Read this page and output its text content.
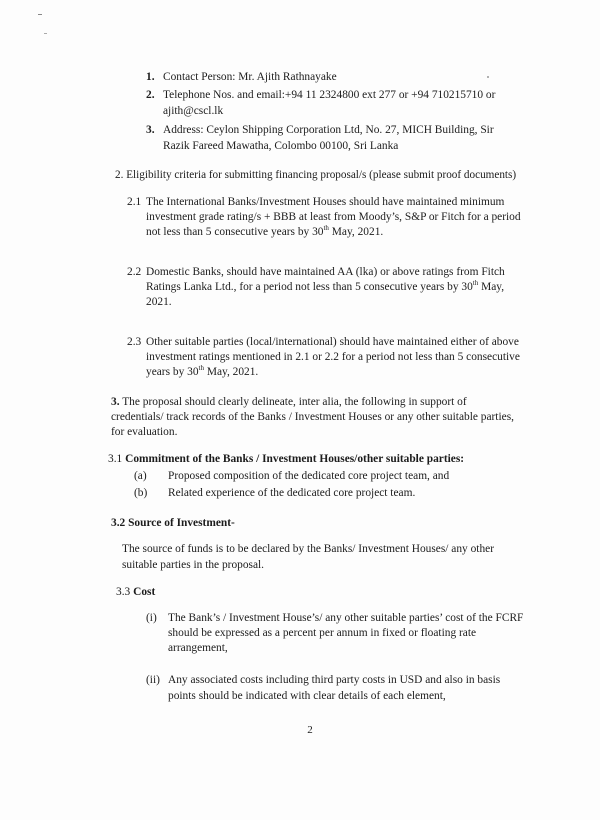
1. Contact Person: Mr. Ajith Rathnayake
2. Telephone Nos. and email:+94 11 2324800 ext 277 or +94 710215710 or

ajith@cscl.lk

3. Address: Ceylon Shipping Corporation Ltd, No. 27, MICH Building, Sir

Razik Fareed Mawatha, Colombo 00100, Sri Lanka

2. Eligibility criteria for submitting financing proposal/s (please submit proof documents)
2.1 The International Banks/Investment Houses should have maintained minimum

investment grade rating/s + BBB at least from Moody’s, S&P or Fitch for a period

not less than 5 consecutive years by 30th May, 2021.
2.2 Domestic Banks, should have maintained AA (lka) or above ratings from Fitch

Ratings Lanka Ltd., for a period not less than 5 consecutive years by 30th May,

2021.
2.3 Other suitable parties (local/international) should have maintained either of above

investment ratings mentioned in 2.1 or 2.2 for a period not less than 5 consecutive

years by 30th May, 2021.

3. The proposal should clearly delineate, inter alia, the following in support of

credentials/ track records of the Banks / Investment Houses or any other suitable parties,

for evaluation.
3.1 Commitment of the Banks / Investment Houses/other suitable parties:
(a) Proposed composition of the dedicated core project team, and
(b) Related experience of the dedicated core project team.
3.2 Source of Investment-

The source of funds is to be declared by the Banks/ Investment Houses/ any other

suitable parties in the proposal.
3.3 Cost
(i) The Bank’s / Investment House’s/ any other suitable parties’ cost of the FCRF

should be expressed as a percent per annum in fixed or floating rate

arrangement,
(ii) Any associated costs including third party costs in USD and also in basis

points should be indicated with clear details of each element,
2
